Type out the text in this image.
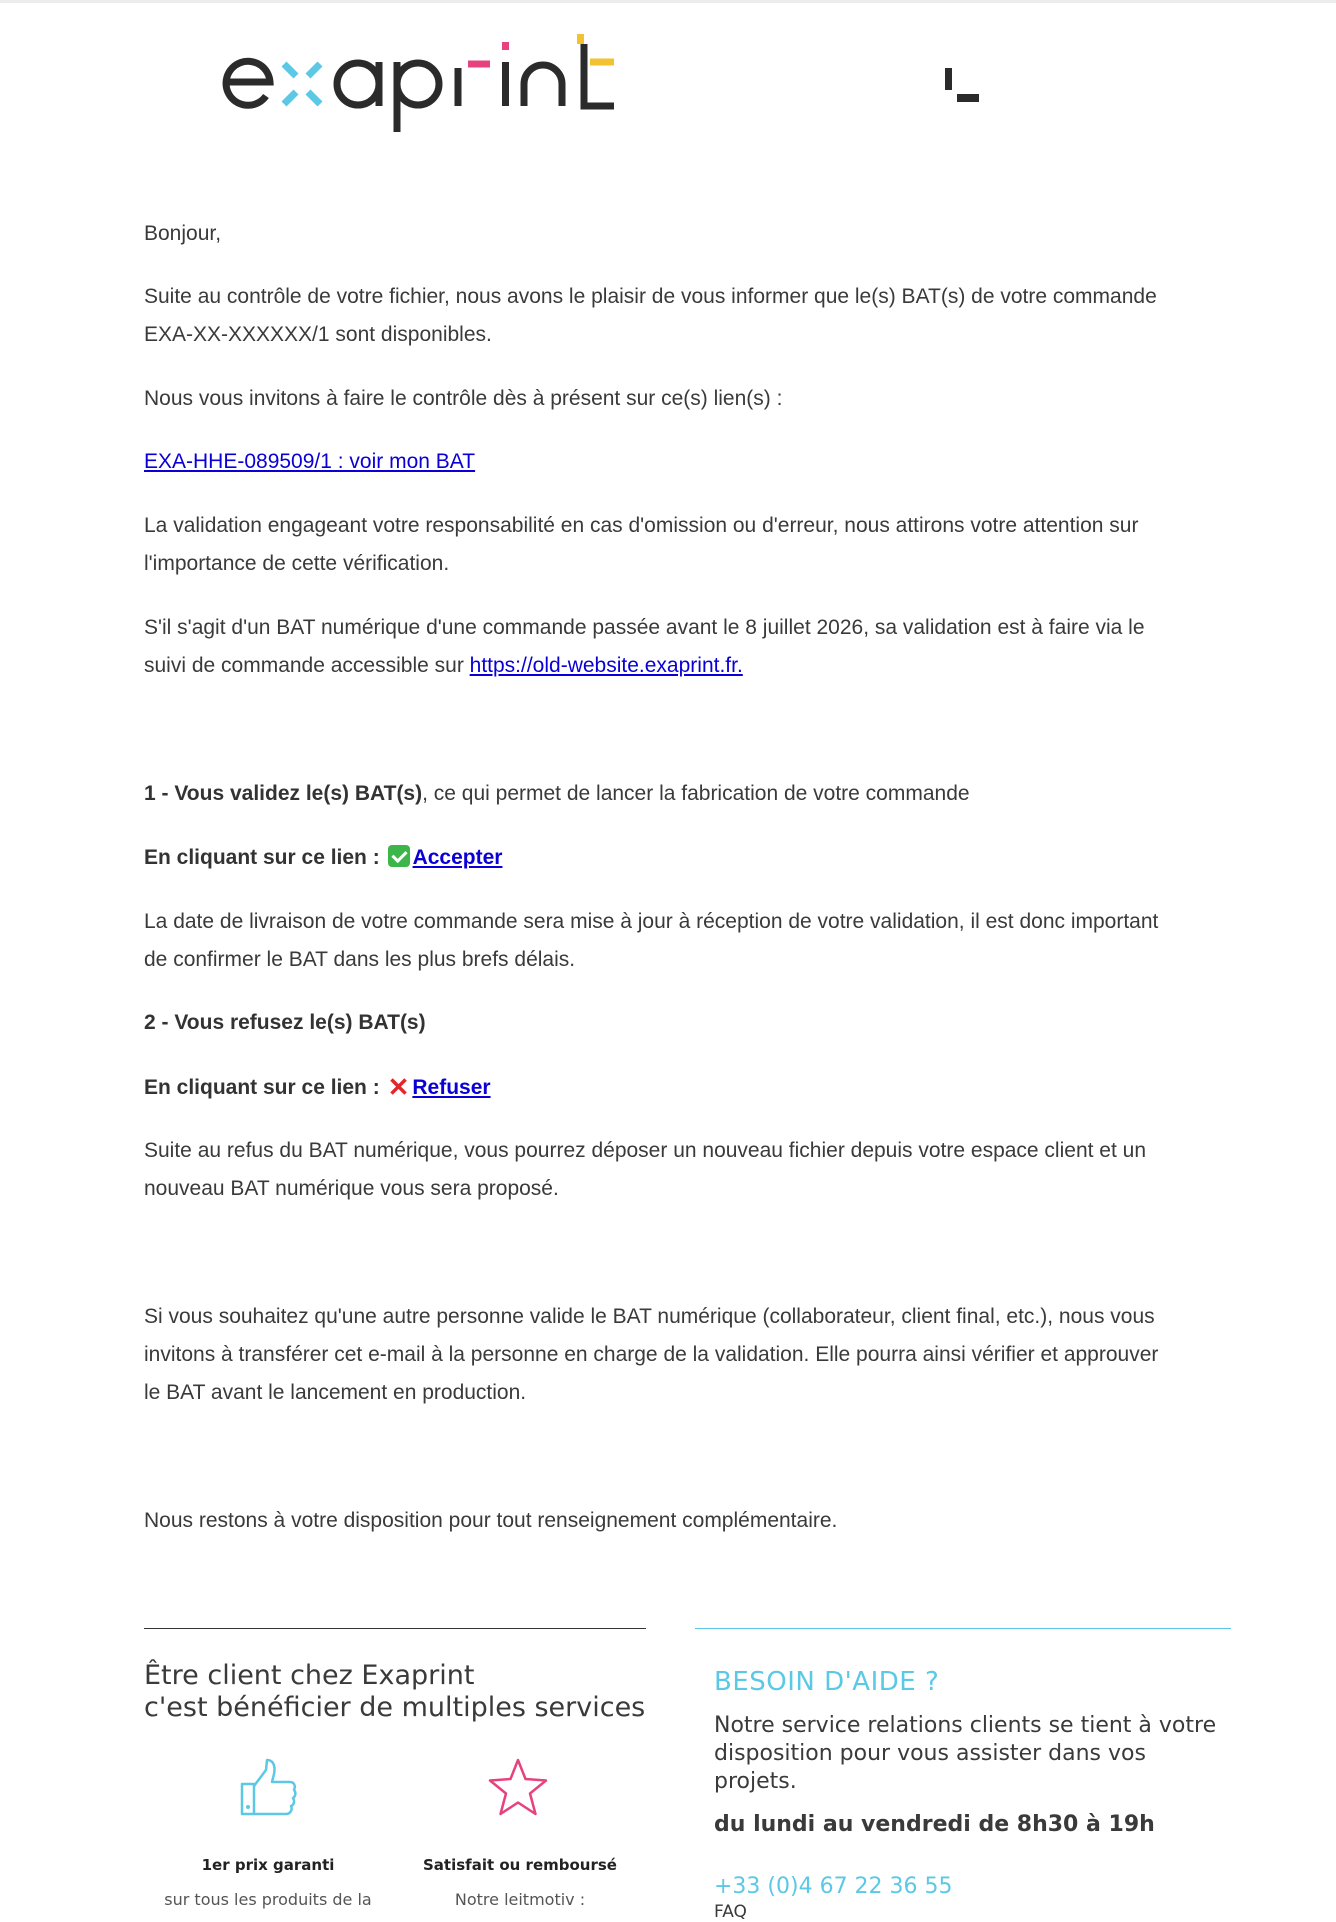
Bonjour,

Suite au contrôle de votre fichier, nous avons le plaisir de vous informer que le(s) BAT(s) de votre commande

EXA-XX-XXXXXX/1 sont disponibles.

Nous vous invitons à faire le contrôle dès à présent sur ce(s) lien(s) :

EXA-HHE-089509/1 : voir mon BAT

La validation engageant votre responsabilité en cas d'omission ou d'erreur, nous attirons votre attention sur

l'importance de cette vérification.

S'il s'agit d'un BAT numérique d'une commande passée avant le 8 juillet 2026, sa validation est à faire via le

suivi de commande accessible sur https://old-website.exaprint.fr.

1 - Vous validez le(s) BAT(s), ce qui permet de lancer la fabrication de votre commande

En cliquant sur ce lien : Accepter

La date de livraison de votre commande sera mise à jour à réception de votre validation, il est donc important

de confirmer le BAT dans les plus brefs délais.

2 - Vous refusez le(s) BAT(s)

En cliquant sur ce lien : ✕ Refuser

Suite au refus du BAT numérique, vous pourrez déposer un nouveau fichier depuis votre espace client et un

nouveau BAT numérique vous sera proposé.

Si vous souhaitez qu'une autre personne valide le BAT numérique (collaborateur, client final, etc.), nous vous

invitons à transférer cet e-mail à la personne en charge de la validation. Elle pourra ainsi vérifier et approuver

le BAT avant le lancement en production.

Nous restons à votre disposition pour tout renseignement complémentaire.

Être client chez Exaprint
c'est bénéficier de multiples services
1er prix garanti
sur tous les produits de la
Satisfait ou remboursé
Notre leitmotiv :
BESOIN D'AIDE ?
Notre service relations clients se tient à votre disposition pour vous assister dans vos projets.
du lundi au vendredi de 8h30 à 19h
+33 (0)4 67 22 36 55
FAQ
